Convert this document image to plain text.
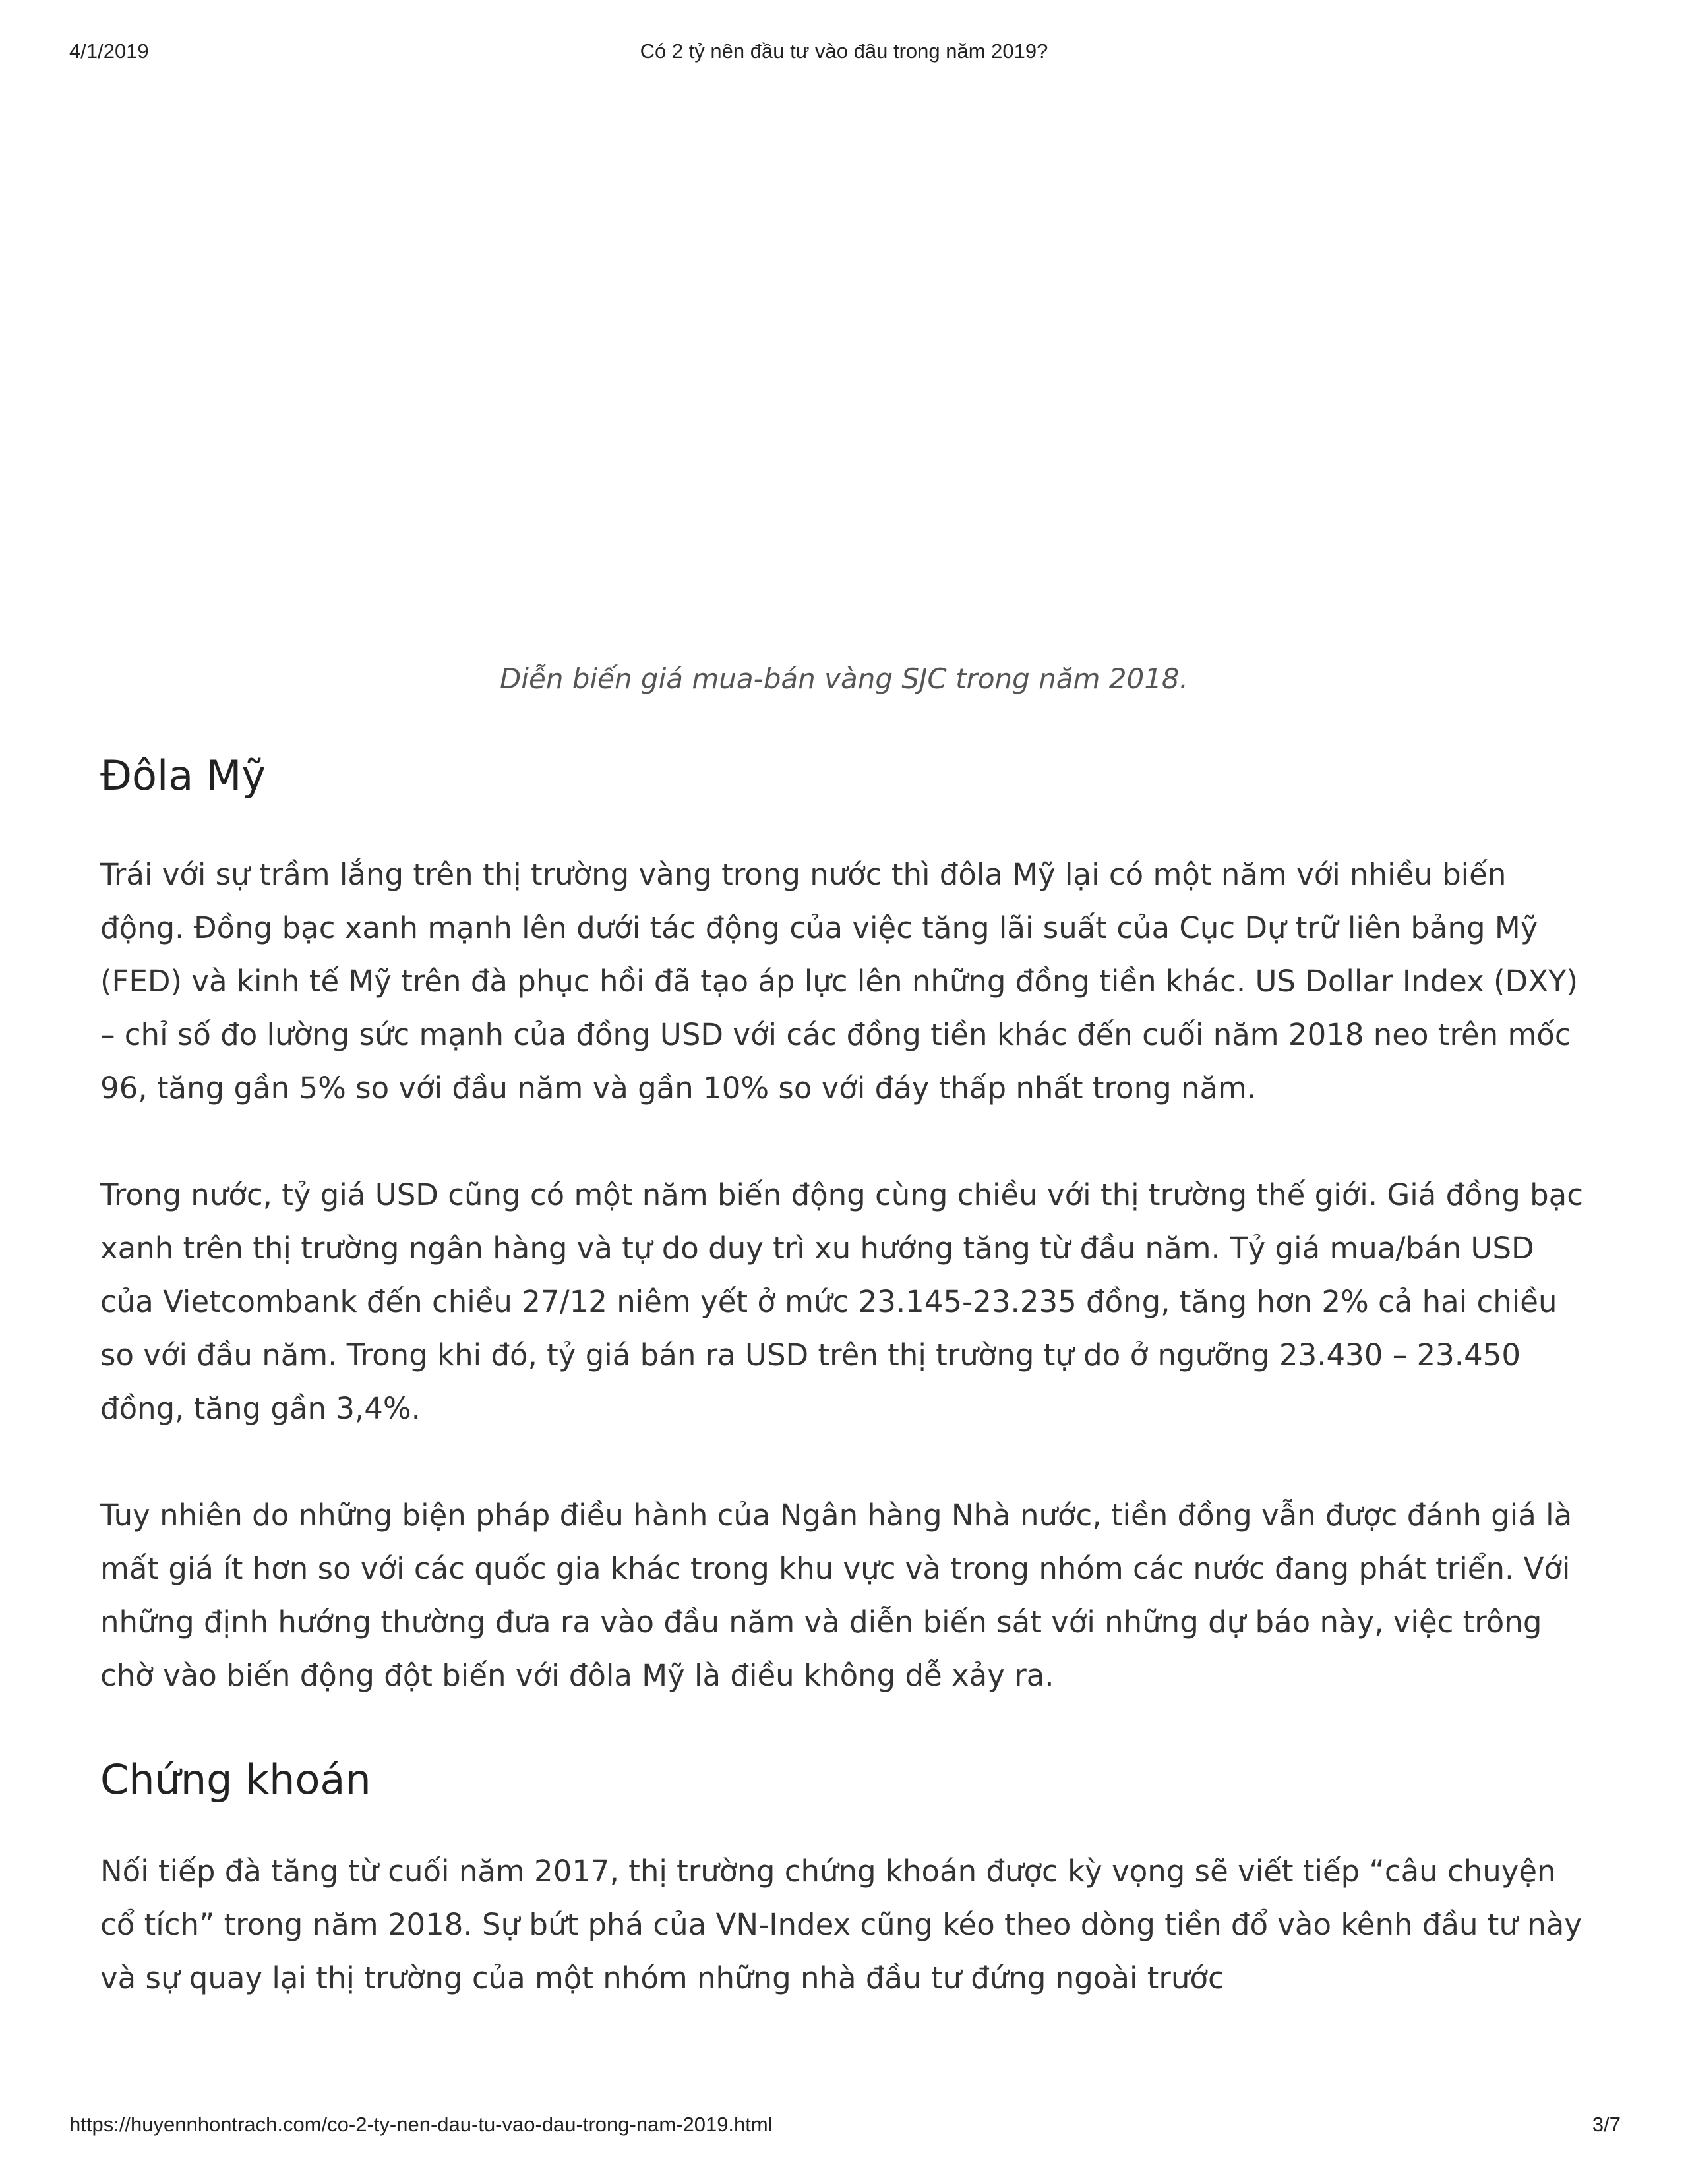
4/1/2019	Có 2 tỷ nên đầu tư vào đâu trong năm 2019?
Diễn biến giá mua-bán vàng SJC trong năm 2018.
Đôla Mỹ

Trái với sự trầm lắng trên thị trường vàng trong nước thì đôla Mỹ lại có một năm với nhiều biến động. Đồng bạc xanh mạnh lên dưới tác động của việc tăng lãi suất của Cục Dự trữ liên bảng Mỹ (FED) và kinh tế Mỹ trên đà phục hồi đã tạo áp lực lên những đồng tiền khác. US Dollar Index (DXY) – chỉ số đo lường sức mạnh của đồng USD với các đồng tiền khác đến cuối năm 2018 neo trên mốc 96, tăng gần 5% so với đầu năm và gần 10% so với đáy thấp nhất trong năm.

Trong nước, tỷ giá USD cũng có một năm biến động cùng chiều với thị trường thế giới. Giá đồng bạc xanh trên thị trường ngân hàng và tự do duy trì xu hướng tăng từ đầu năm. Tỷ giá mua/bán USD của Vietcombank đến chiều 27/12 niêm yết ở mức 23.145-23.235 đồng, tăng hơn 2% cả hai chiều so với đầu năm. Trong khi đó, tỷ giá bán ra USD trên thị trường tự do ở ngưỡng 23.430 – 23.450 đồng, tăng gần 3,4%.

Tuy nhiên do những biện pháp điều hành của Ngân hàng Nhà nước, tiền đồng vẫn được đánh giá là mất giá ít hơn so với các quốc gia khác trong khu vực và trong nhóm các nước đang phát triển. Với những định hướng thường đưa ra vào đầu năm và diễn biến sát với những dự báo này, việc trông chờ vào biến động đột biến với đôla Mỹ là điều không dễ xảy ra.

Chứng khoán

Nối tiếp đà tăng từ cuối năm 2017, thị trường chứng khoán được kỳ vọng sẽ viết tiếp “câu chuyện cổ tích” trong năm 2018. Sự bứt phá của VN-Index cũng kéo theo dòng tiền đổ vào kênh đầu tư này và sự quay lại thị trường của một nhóm những nhà đầu tư đứng ngoài trước

https://huyennhontrach.com/co-2-ty-nen-dau-tu-vao-dau-trong-nam-2019.html	3/7
